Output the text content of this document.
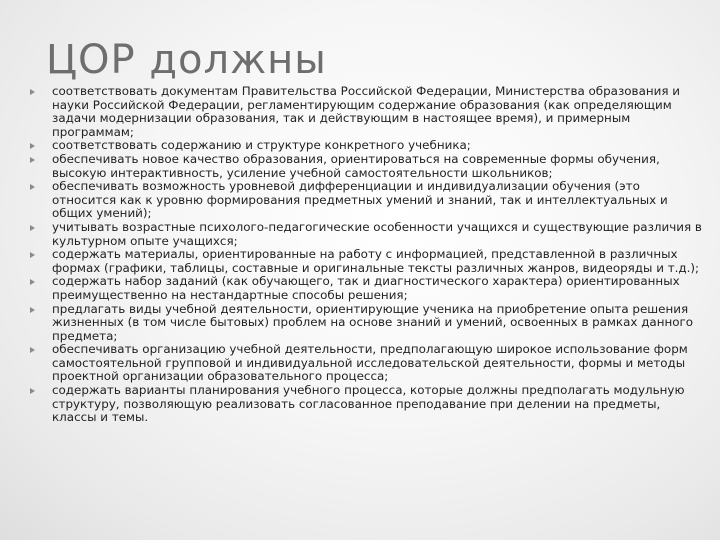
ЦОР должны
соответствовать документам Правительства Российской Федерации, Министерства образования и науки Российской Федерации, регламентирующим содержание образования (как определяющим задачи модернизации образования, так и действующим в настоящее время), и примерным программам;
соответствовать содержанию и структуре конкретного учебника;
обеспечивать новое качество образования, ориентироваться на современные формы обучения, высокую интерактивность, усиление учебной самостоятельности школьников;
обеспечивать возможность уровневой дифференциации и индивидуализации обучения (это относится как к уровню формирования предметных умений и знаний, так и интеллектуальных и общих умений);
учитывать возрастные психолого-педагогические особенности учащихся и существующие различия в культурном опыте учащихся;
содержать материалы, ориентированные на работу с информацией, представленной в различных формах (графики, таблицы, составные и оригинальные тексты различных жанров, видеоряды и т.д.);
содержать набор заданий (как обучающего, так и диагностического характера) ориентированных преимущественно на нестандартные способы решения;
предлагать виды учебной деятельности, ориентирующие ученика на приобретение опыта решения жизненных (в том числе бытовых) проблем на основе знаний и умений, освоенных в рамках данного предмета;
обеспечивать организацию учебной деятельности, предполагающую широкое использование форм самостоятельной групповой и индивидуальной исследовательской деятельности, формы и методы проектной организации образовательного процесса;
содержать варианты планирования учебного процесса, которые должны предполагать модульную структуру, позволяющую реализовать согласованное преподавание при делении на предметы, классы и темы.
